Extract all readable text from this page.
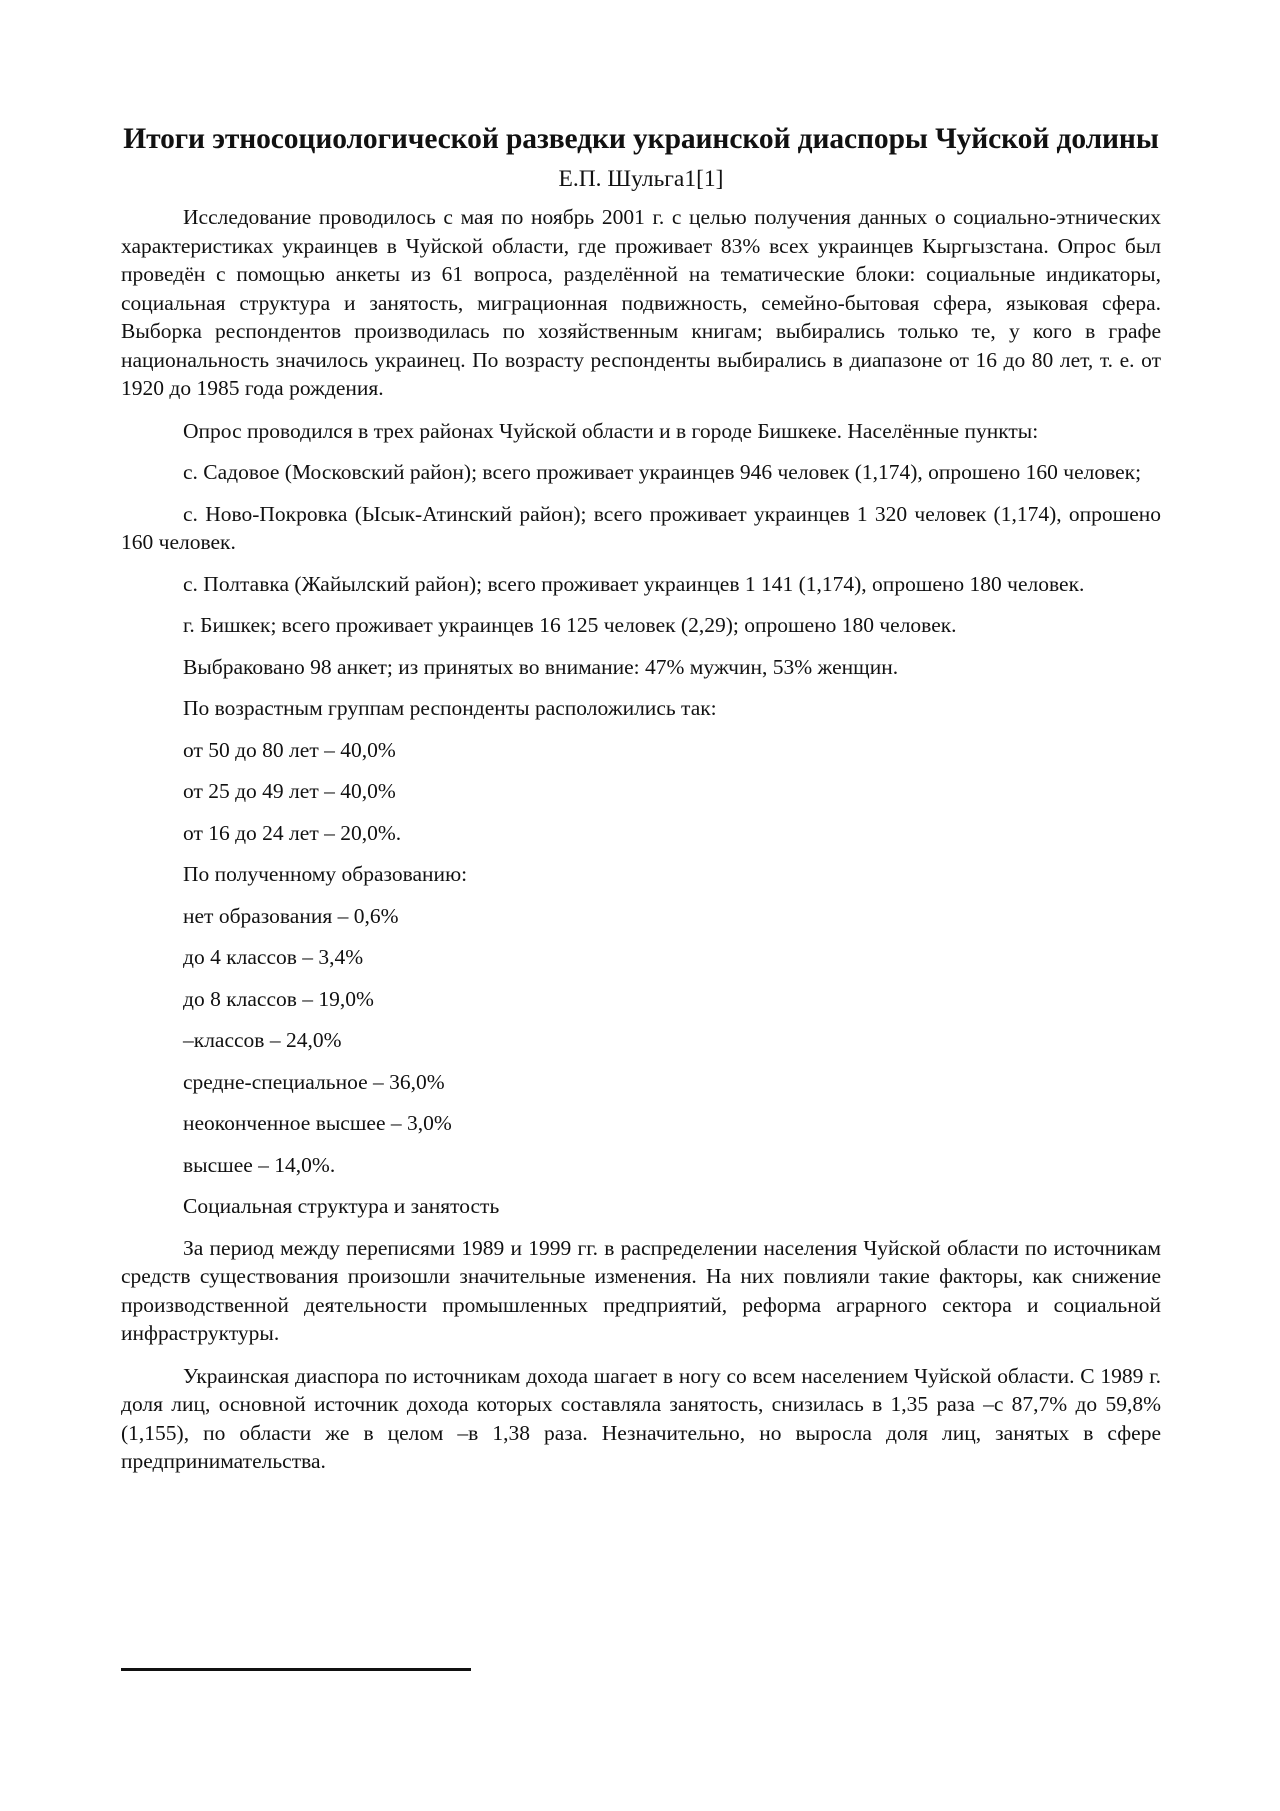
Итоги этносоциологической разведки украинской диаспоры Чуйской долины
Е.П. Шульга1[1]

Исследование проводилось с мая по ноябрь 2001 г. с целью получения данных о социально-этнических характеристиках украинцев в Чуйской области, где проживает 83% всех украинцев Кыргызстана. Опрос был проведён с помощью анкеты из 61 вопроса, разделённой на тематические блоки: социальные индикаторы, социальная структура и занятость, миграционная подвижность, семейно-бытовая сфера, языковая сфера. Выборка респондентов производилась по хозяйственным книгам; выбирались только те, у кого в графе национальность значилось украинец. По возрасту респонденты выбирались в диапазоне от 16 до 80 лет, т. е. от 1920 до 1985 года рождения.

Опрос проводился в трех районах Чуйской области и в городе Бишкеке. Населённые пункты:

с. Садовое (Московский район); всего проживает украинцев 946 человек (1,174), опрошено 160 человек;

с. Ново-Покровка (Ысык-Атинский район); всего проживает украинцев 1 320 человек (1,174), опрошено 160 человек.

с. Полтавка (Жайылский район); всего проживает украинцев 1 141 (1,174), опрошено 180 человек.

г. Бишкек; всего проживает украинцев 16 125 человек (2,29); опрошено 180 человек.

Выбраковано 98 анкет; из принятых во внимание: 47% мужчин, 53% женщин.

По возрастным группам респонденты расположились так:

от 50 до 80 лет – 40,0%

от 25 до 49 лет – 40,0%

от 16 до 24 лет – 20,0%.

По полученному образованию:

нет образования – 0,6%

до 4 классов – 3,4%

до 8 классов – 19,0%

–классов – 24,0%

средне-специальное – 36,0%

неоконченное высшее – 3,0%

высшее – 14,0%.

Социальная структура и занятость

За период между переписями 1989 и 1999 гг. в распределении населения Чуйской области по источникам средств существования произошли значительные изменения. На них повлияли такие факторы, как снижение производственной деятельности промышленных предприятий, реформа аграрного сектора и социальной инфраструктуры.

Украинская диаспора по источникам дохода шагает в ногу со всем населением Чуйской области. С 1989 г. доля лиц, основной источник дохода которых составляла занятость, снизилась в 1,35 раза –с 87,7% до 59,8% (1,155), по области же в целом –в 1,38 раза. Незначительно, но выросла доля лиц, занятых в сфере предпринимательства.
